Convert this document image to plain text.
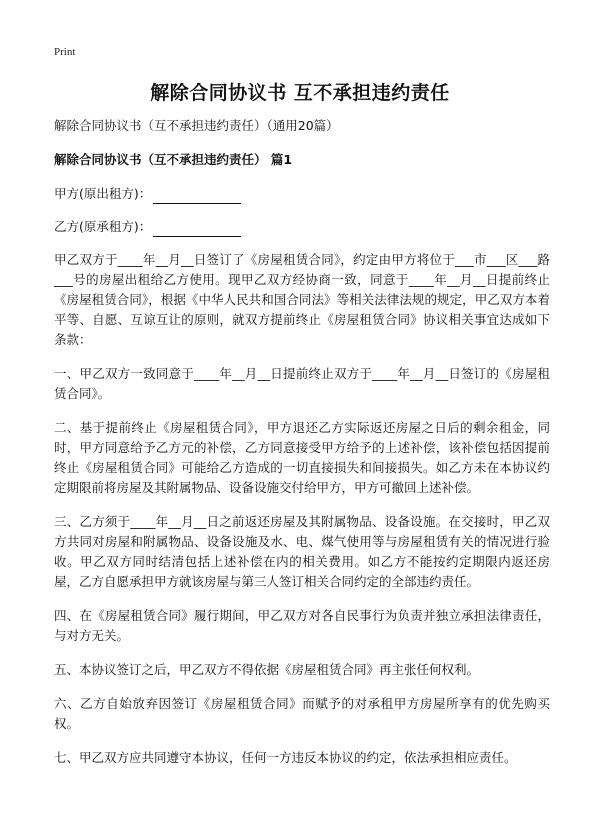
Print
解除合同协议书 互不承担违约责任

解除合同协议书（互不承担违约责任）（通用20篇）

解除合同协议书（互不承担违约责任） 篇1

甲方(原出租方)：
乙方(原承租方)：

甲乙双方于____年__月__日签订了《房屋租赁合同》，约定由甲方将位于___市___区___路___号的房屋出租给乙方使用。现甲乙双方经协商一致，同意于____年__月__日提前终止《房屋租赁合同》，根据《中华人民共和国合同法》等相关法律法规的规定，甲乙双方本着平等、自愿、互谅互让的原则，就双方提前终止《房屋租赁合同》协议相关事宜达成如下条款：

一、甲乙双方一致同意于____年__月__日提前终止双方于____年__月__日签订的《房屋租赁合同》。

二、基于提前终止《房屋租赁合同》，甲方退还乙方实际返还房屋之日后的剩余租金，同时，甲方同意给予乙方元的补偿，乙方同意接受甲方给予的上述补偿，该补偿包括因提前终止《房屋租赁合同》可能给乙方造成的一切直接损失和间接损失。如乙方未在本协议约定期限前将房屋及其附属物品、设备设施交付给甲方，甲方可撤回上述补偿。

三、乙方须于____年__月__日之前返还房屋及其附属物品、设备设施。在交接时，甲乙双方共同对房屋和附属物品、设备设施及水、电、煤气使用等与房屋租赁有关的情况进行验收。甲乙双方同时结清包括上述补偿在内的相关费用。如乙方不能按约定期限内返还房屋，乙方自愿承担甲方就该房屋与第三人签订相关合同约定的全部违约责任。

四、在《房屋租赁合同》履行期间，甲乙双方对各自民事行为负责并独立承担法律责任，与对方无关。

五、本协议签订之后，甲乙双方不得依据《房屋租赁合同》再主张任何权利。

六、乙方自始放弃因签订《房屋租赁合同》而赋予的对承租甲方房屋所享有的优先购买权。

七、甲乙双方应共同遵守本协议，任何一方违反本协议的约定，依法承担相应责任。
